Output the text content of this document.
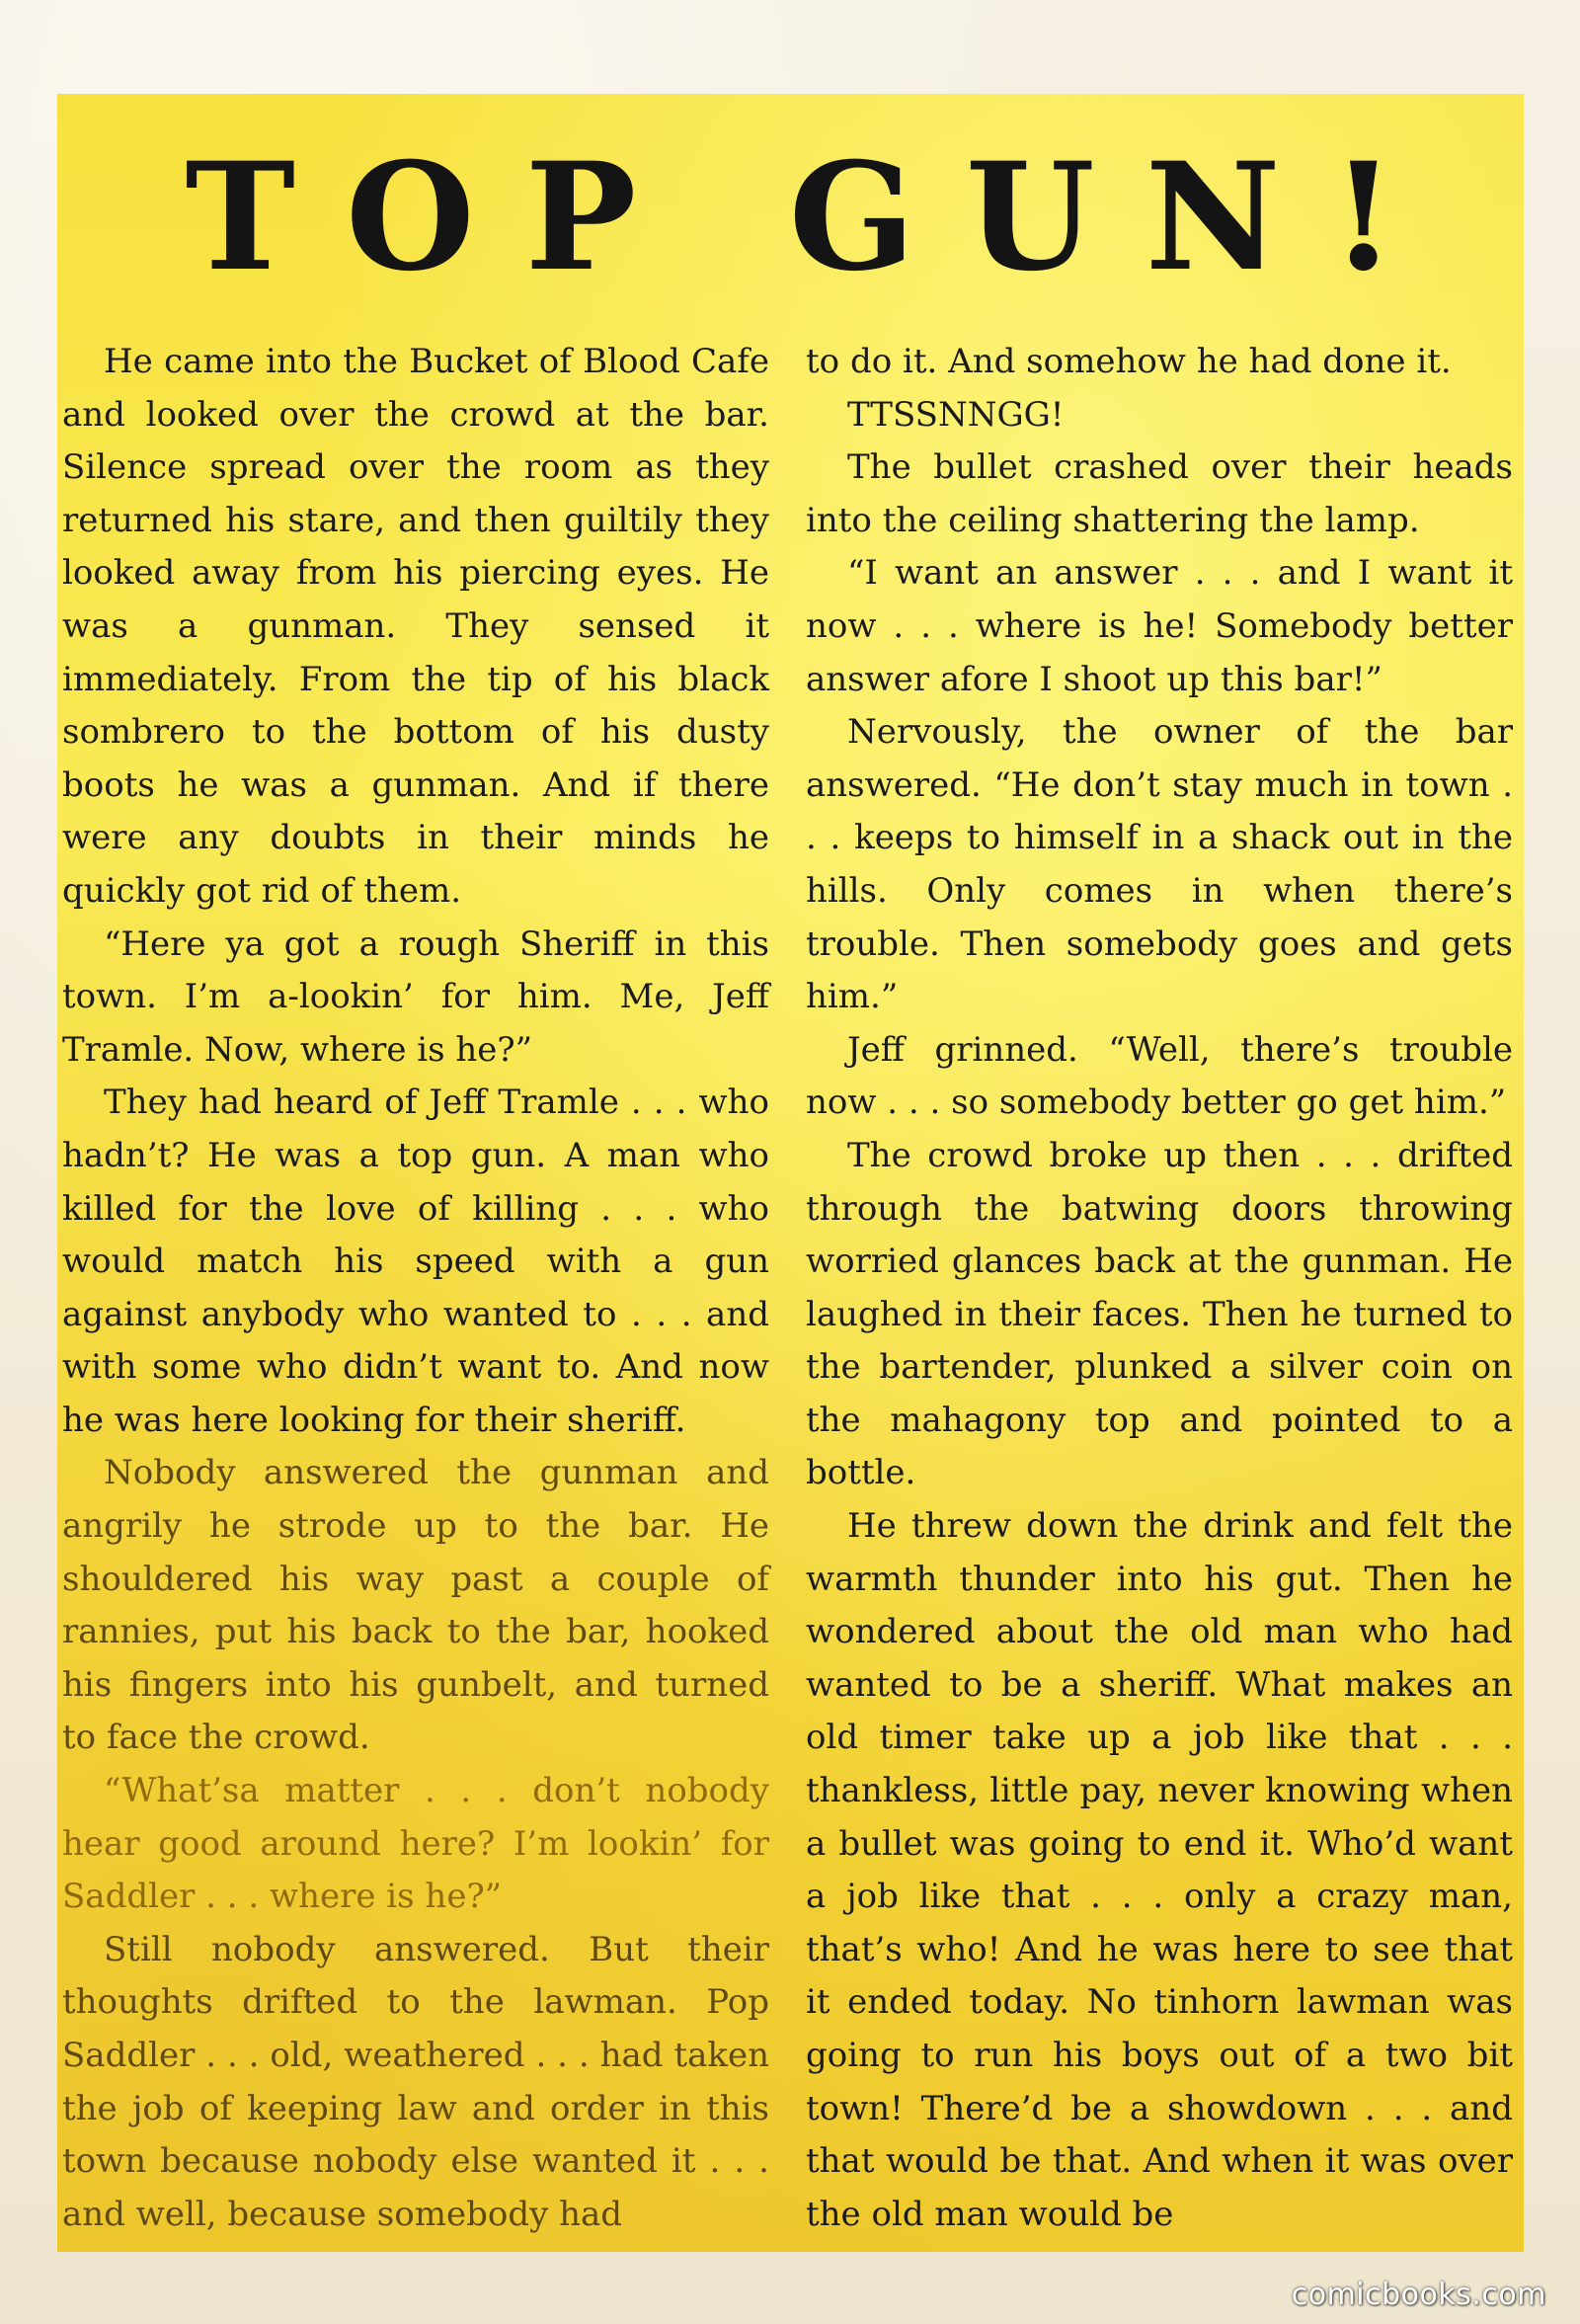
TOP GUN!

He came into the Bucket of Blood Cafe and looked over the crowd at the bar. Silence spread over the room as they returned his stare, and then guiltily they looked away from his piercing eyes. He was a gunman. They sensed it immediately. From the tip of his black sombrero to the bottom of his dusty boots he was a gunman. And if there were any doubts in their minds he quickly got rid of them.

“Here ya got a rough Sheriff in this town. I’m a-lookin’ for him. Me, Jeff Tramle. Now, where is he?”

They had heard of Jeff Tramle . . . who hadn’t? He was a top gun. A man who killed for the love of killing . . . who would match his speed with a gun against anybody who wanted to . . . and with some who didn’t want to. And now he was here looking for their sheriff.

Nobody answered the gunman and angrily he strode up to the bar. He shouldered his way past a couple of rannies, put his back to the bar, hooked his fingers into his gunbelt, and turned to face the crowd.

“What’sa matter . . . don’t nobody hear good around here? I’m lookin’ for Saddler . . . where is he?”

Still nobody answered. But their thoughts drifted to the lawman. Pop Saddler . . . old, weathered . . . had taken the job of keeping law and order in this town because nobody else wanted it . . . and well, because somebody had

to do it. And somehow he had done it.

TTSSNNGG!

The bullet crashed over their heads into the ceiling shattering the lamp.

“I want an answer . . . and I want it now . . . where is he! Somebody better answer afore I shoot up this bar!”

Nervously, the owner of the bar answered. “He don’t stay much in town . . . keeps to himself in a shack out in the hills. Only comes in when there’s trouble. Then somebody goes and gets him.”

Jeff grinned. “Well, there’s trouble now . . . so somebody better go get him.”

The crowd broke up then . . . drifted through the batwing doors throwing worried glances back at the gunman. He laughed in their faces. Then he turned to the bartender, plunked a silver coin on the mahagony top and pointed to a bottle.

He threw down the drink and felt the warmth thunder into his gut. Then he wondered about the old man who had wanted to be a sheriff. What makes an old timer take up a job like that . . . thankless, little pay, never knowing when a bullet was going to end it. Who’d want a job like that . . . only a crazy man, that’s who! And he was here to see that it ended today. No tinhorn lawman was going to run his boys out of a two bit town! There’d be a showdown . . . and that would be that. And when it was over the old man would be

comicbooks.com
